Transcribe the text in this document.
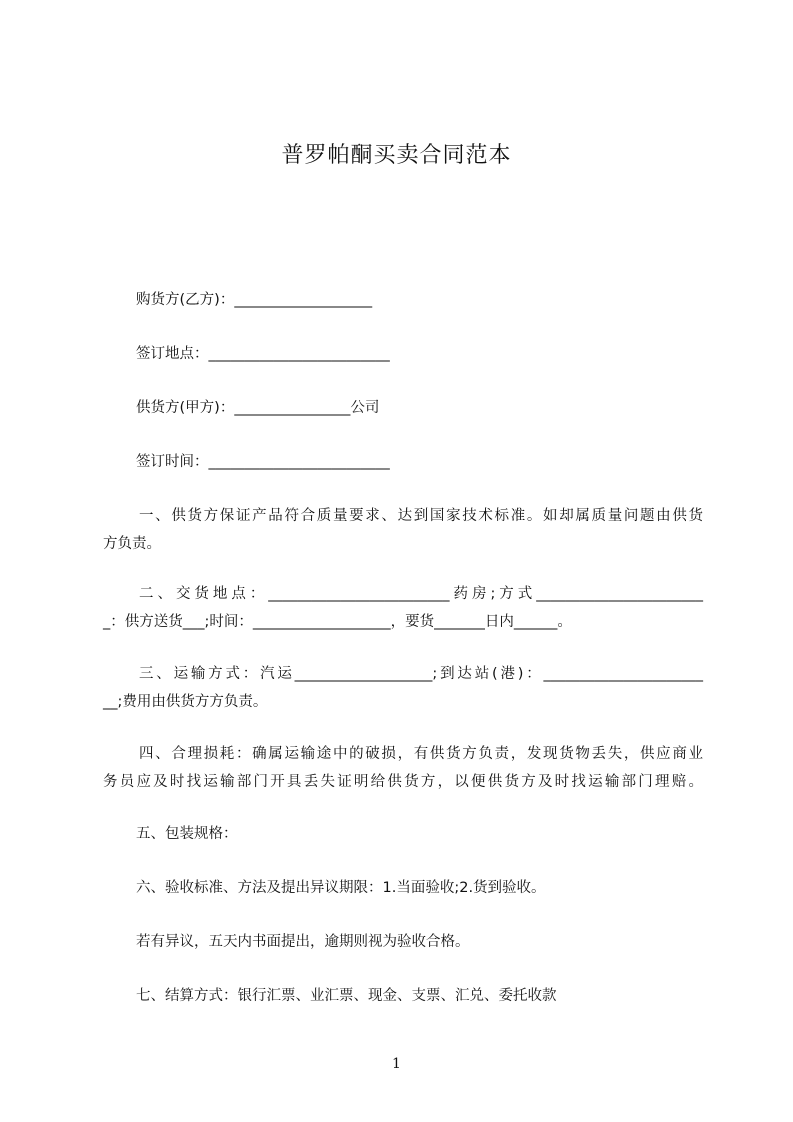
普罗帕酮买卖合同范本
购货方(乙方)：___________________
签订地点：_________________________
供货方(甲方)：________________公司
签订时间：_________________________
一、供货方保证产品符合质量要求、达到国家技术标准。如却属质量问题由供货
方负责。
二、交货地点：_________________________药房;方式_______________________
_：供方送货___;时间：___________________，要货_______日内______。
三、运输方式：汽运___________________;到达站(港)：______________________
__;费用由供货方方负责。
四、合理损耗：确属运输途中的破损，有供货方负责，发现货物丢失，供应商业
务员应及时找运输部门开具丢失证明给供货方，以便供货方及时找运输部门理赔。
五、包装规格：
六、验收标准、方法及提出异议期限：1.当面验收;2.货到验收。
若有异议，五天内书面提出，逾期则视为验收合格。
七、结算方式：银行汇票、业汇票、现金、支票、汇兑、委托收款
1
